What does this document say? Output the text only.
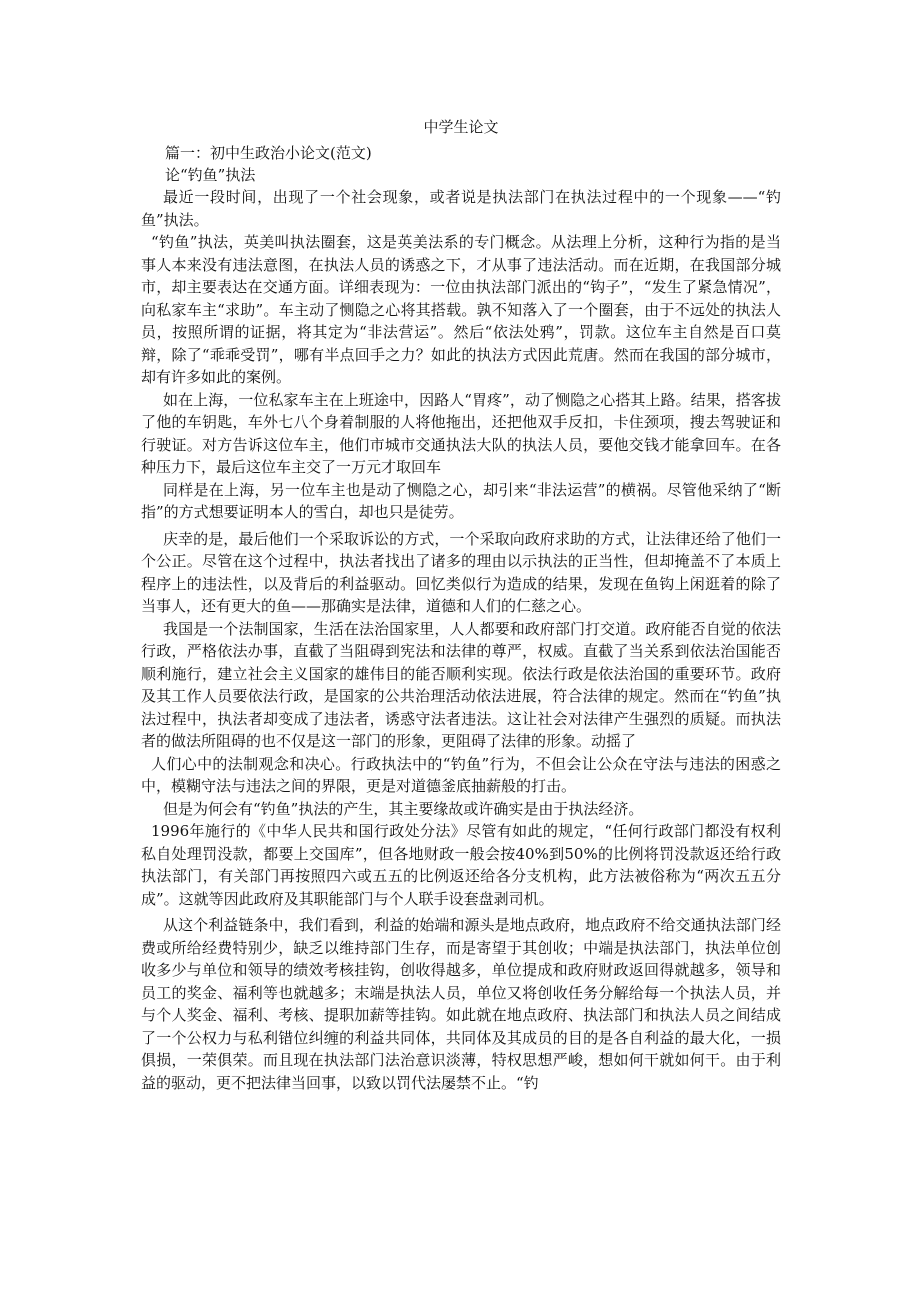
中学生论文

篇一：初中生政治小论文(范文)

论“钓鱼”执法

最近一段时间，出现了一个社会现象，或者说是执法部门在执法过程中的一个现象——“钓鱼”执法。

“钓鱼”执法，英美叫执法圈套，这是英美法系的专门概念。从法理上分析，这种行为指的是当事人本来没有违法意图，在执法人员的诱惑之下，才从事了违法活动。而在近期，在我国部分城市，却主要表达在交通方面。详细表现为：一位由执法部门派出的“钩子”，“发生了紧急情况”，向私家车主“求助”。车主动了恻隐之心将其搭载。孰不知落入了一个圈套，由于不远处的执法人员，按照所谓的证据，将其定为“非法营运”。然后“依法处鸦”，罚款。这位车主自然是百口莫辩，除了“乖乖受罚”，哪有半点回手之力？如此的执法方式因此荒唐。然而在我国的部分城市，却有许多如此的案例。

如在上海，一位私家车主在上班途中，因路人“胃疼”，动了恻隐之心搭其上路。结果，搭客拔了他的车钥匙，车外七八个身着制服的人将他拖出，还把他双手反扣，卡住颈项，搜去驾驶证和行驶证。对方告诉这位车主，他们市城市交通执法大队的执法人员，要他交钱才能拿回车。在各种压力下，最后这位车主交了一万元才取回车

同样是在上海，另一位车主也是动了恻隐之心，却引来“非法运营”的横祸。尽管他采纳了“断指”的方式想要证明本人的雪白，却也只是徒劳。

庆幸的是，最后他们一个采取诉讼的方式，一个采取向政府求助的方式，让法律还给了他们一个公正。尽管在这个过程中，执法者找出了诸多的理由以示执法的正当性，但却掩盖不了本质上程序上的违法性，以及背后的利益驱动。回忆类似行为造成的结果，发现在鱼钩上闲逛着的除了当事人，还有更大的鱼——那确实是法律，道德和人们的仁慈之心。

我国是一个法制国家，生活在法治国家里，人人都要和政府部门打交道。政府能否自觉的依法行政，严格依法办事，直截了当阻碍到宪法和法律的尊严，权威。直截了当关系到依法治国能否顺利施行，建立社会主义国家的雄伟目的能否顺利实现。依法行政是依法治国的重要环节。政府及其工作人员要依法行政，是国家的公共治理活动依法进展，符合法律的规定。然而在“钓鱼”执法过程中，执法者却变成了违法者，诱惑守法者违法。这让社会对法律产生强烈的质疑。而执法者的做法所阻碍的也不仅是这一部门的形象，更阻碍了法律的形象。动摇了

人们心中的法制观念和决心。行政执法中的“钓鱼”行为，不但会让公众在守法与违法的困惑之中，模糊守法与违法之间的界限，更是对道德釜底抽薪般的打击。

但是为何会有“钓鱼”执法的产生，其主要缘故或许确实是由于执法经济。

1996年施行的《中华人民共和国行政处分法》尽管有如此的规定，“任何行政部门都没有权利私自处理罚没款，都要上交国库”，但各地财政一般会按40%到50%的比例将罚没款返还给行政执法部门，有关部门再按照四六或五五的比例返还给各分支机构，此方法被俗称为“两次五五分成”。这就等因此政府及其职能部门与个人联手设套盘剥司机。

从这个利益链条中，我们看到，利益的始端和源头是地点政府，地点政府不给交通执法部门经费或所给经费特别少，缺乏以维持部门生存，而是寄望于其创收；中端是执法部门，执法单位创收多少与单位和领导的绩效考核挂钩，创收得越多，单位提成和政府财政返回得就越多，领导和员工的奖金、福利等也就越多；末端是执法人员，单位又将创收任务分解给每一个执法人员，并与个人奖金、福利、考核、提职加薪等挂钩。如此就在地点政府、执法部门和执法人员之间结成了一个公权力与私利错位纠缠的利益共同体，共同体及其成员的目的是各自利益的最大化，一损俱损，一荣俱荣。而且现在执法部门法治意识淡薄，特权思想严峻，想如何干就如何干。由于利益的驱动，更不把法律当回事，以致以罚代法屡禁不止。“钓
